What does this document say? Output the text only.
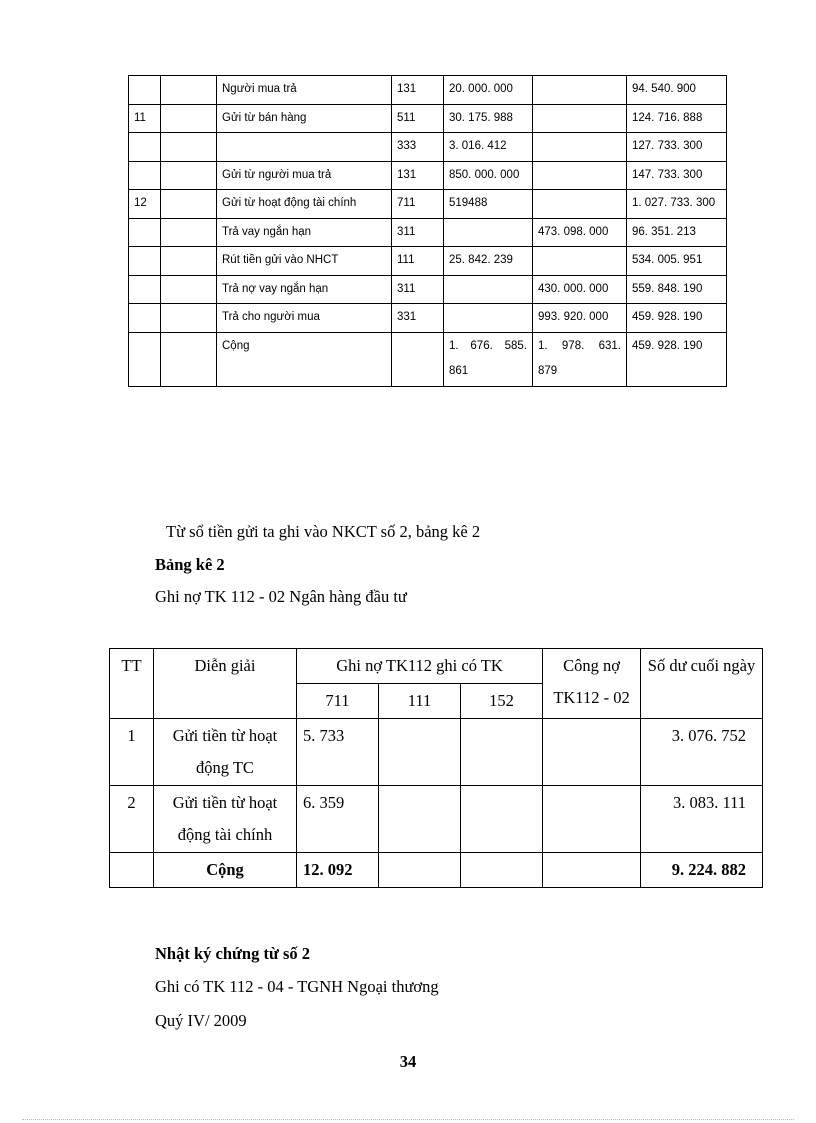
		Người mua trả	131	20. 000. 000		94. 540. 900
11		Gửi từ bán hàng	511	30. 175. 988		124. 716. 888
			333	3. 016. 412		127. 733. 300
		Gửi từ người mua trả	131	850. 000. 000		147. 733. 300
12		Gửi từ hoạt động tài chính	711	519488		1. 027. 733. 300
		Trả vay ngắn hạn	311		473. 098. 000	96. 351. 213
		Rút tiền gửi vào NHCT	111	25. 842. 239		534. 005. 951
		Trả nợ vay ngắn hạn	311		430. 000. 000	559. 848. 190
		Trả cho người mua	331		993. 920. 000	459. 928. 190
		Cộng		1. 676. 585. 861	1. 978. 631. 879	459. 928. 190
Từ sổ tiền gửi ta ghi vào NKCT số 2, bảng kê 2
Bảng kê 2
Ghi nợ TK 112 - 02 Ngân hàng đầu tư
TT	Diễn giải	Ghi nợ TK112 ghi có TK			Công nợ TK112 - 02	Số dư cuối ngày
		711	111	152		
1	Gửi tiền từ hoạt động TC	5. 733				3. 076. 752
2	Gửi tiền từ hoạt động tài chính	6. 359				3. 083. 111
	Cộng	12. 092				9. 224. 882
Nhật ký chứng từ số 2
Ghi có TK 112 - 04 - TGNH Ngoại thương
Quý IV/ 2009
34
